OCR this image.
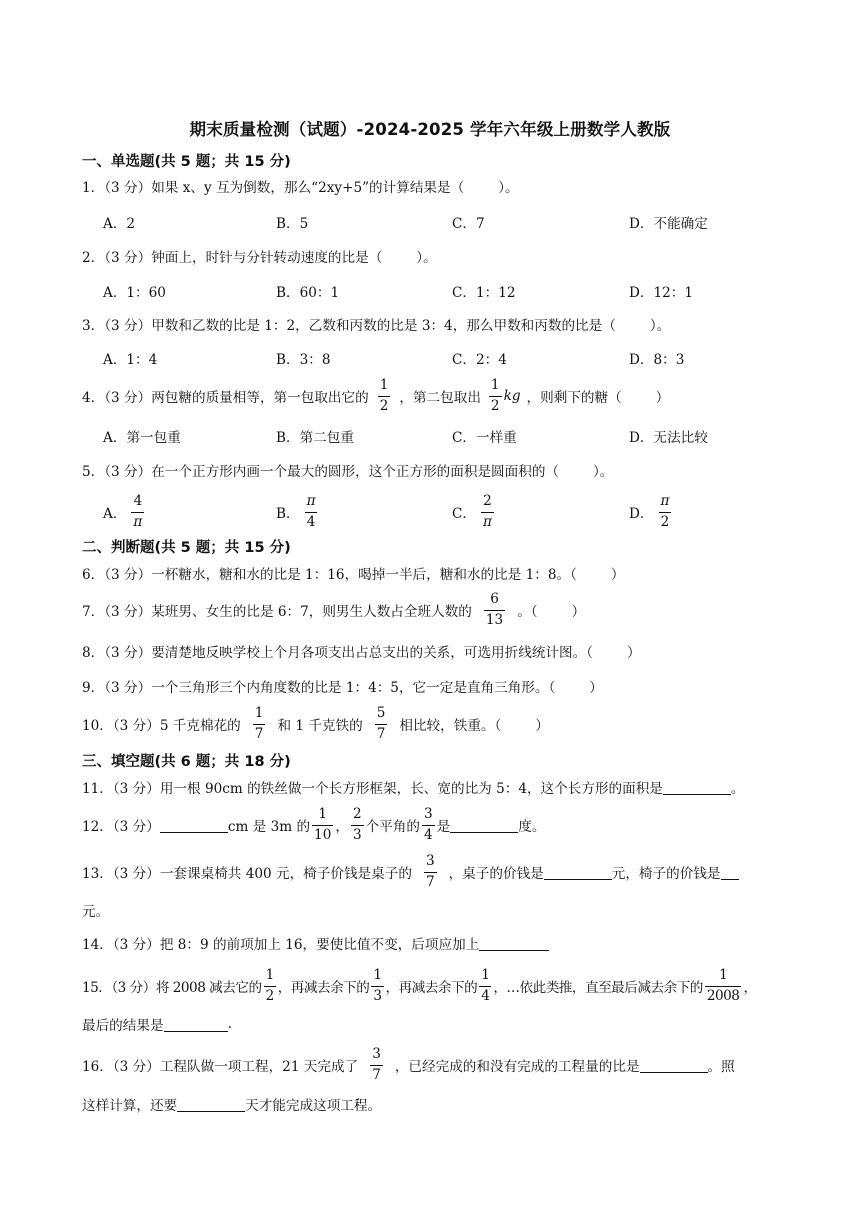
期末质量检测（试题）-2024-2025 学年六年级上册数学人教版
一、单选题(共 5 题；共 15 分)
1．（3 分）如果 x、y 互为倒数，那么“2xy+5”的计算结果是（	）。
A．2	B．5	C．7	D．不能确定
2．（3 分）钟面上，时针与分针转动速度的比是（	）。
A．1：60	B．60：1	C．1：12	D．12：1
3．（3 分）甲数和乙数的比是 1：2，乙数和丙数的比是 3：4，那么甲数和丙数的比是（	）。
A．1：4	B．3：8	C．2：4	D．8：3
4．（3 分）两包糖的质量相等，第一包取出它的 $\frac{1}{2}$ ，第二包取出 $\frac{1}{2}$ kg ，则剩下的糖（	）
A．第一包重	B．第二包重	C．一样重	D．无法比较
5．（3 分）在一个正方形内画一个最大的圆形，这个正方形的面积是圆面积的（	）。
A． $\frac{4}{\pi}$	B． $\frac{\pi}{4}$	C． $\frac{2}{\pi}$	D． $\frac{\pi}{2}$
二、判断题(共 5 题；共 15 分)
6．（3 分）一杯糖水，糖和水的比是 1：16，喝掉一半后，糖和水的比是 1：8。（	）
7．（3 分）某班男、女生的比是 6：7，则男生人数占全班人数的 $\frac{6}{13}$ 。（	）
8．（3 分）要清楚地反映学校上个月各项支出占总支出的关系，可选用折线统计图。（	）
9．（3 分）一个三角形三个内角度数的比是 1：4：5，它一定是直角三角形。（	）
10．（3 分）5 千克棉花的 $\frac{1}{7}$ 和 1 千克铁的 $\frac{5}{7}$ 相比较，铁重。（	）
三、填空题(共 6 题；共 18 分)
11．（3 分）用一根 90cm 的铁丝做一个长方形框架，长、宽的比为 5：4，这个长方形的面积是	。
12．（3 分）	cm 是 3m 的 $\frac{1}{10}$ ， $\frac{2}{3}$ 个平角的 $\frac{3}{4}$ 是	度。
13．（3 分）一套课桌椅共 400 元，椅子价钱是桌子的 $\frac{3}{7}$ ，桌子的价钱是	元，椅子的价钱是
元。
14．（3 分）把 8：9 的前项加上 16，要使比值不变，后项应加上
15．（3 分）将 2008 减去它的 $\frac{1}{2}$ ，再减去余下的 $\frac{1}{3}$ ，再减去余下的 $\frac{1}{4}$ ，…依此类推，直至最后减去余下的 $\frac{1}{2008}$ ，
最后的结果是	.
16．（3 分）工程队做一项工程，21 天完成了 $\frac{3}{7}$ ，已经完成的和没有完成的工程量的比是	。照
这样计算，还要	天才能完成这项工程。
